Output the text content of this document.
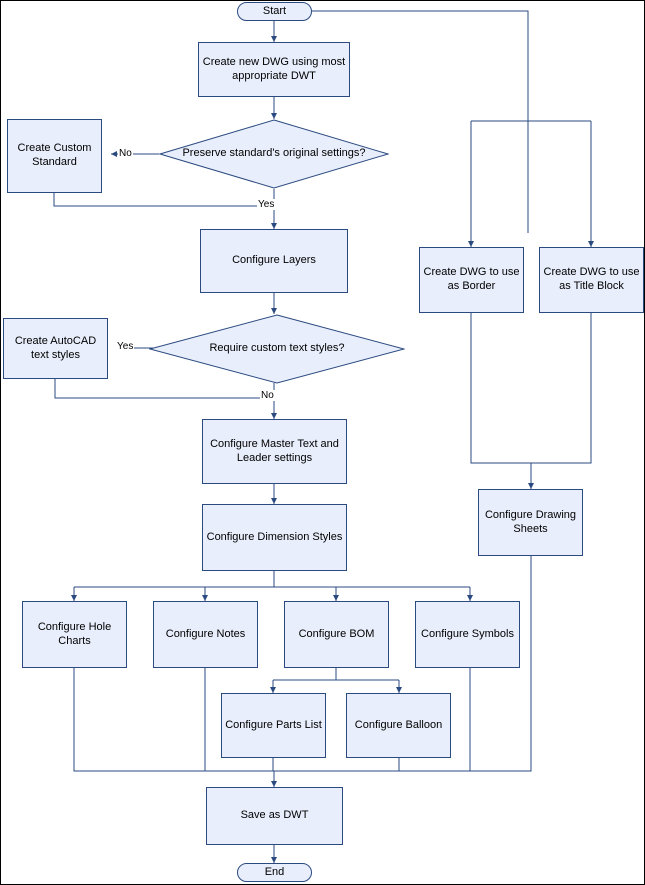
Start
Create new DWG using most appropriate DWT
Preserve standard's original settings?
Create Custom Standard
Configure Layers
Require custom text styles?
Create AutoCAD text styles
Configure Master Text and Leader settings
Configure Dimension Styles
Configure Hole Charts
Configure Notes	Configure BOM	Configure Symbols
Configure Parts List	Configure Balloon
Save as DWT
End
Create DWG to use as Border
Create DWG to use as Title Block
Configure Drawing Sheets
No
Yes
Yes
No
